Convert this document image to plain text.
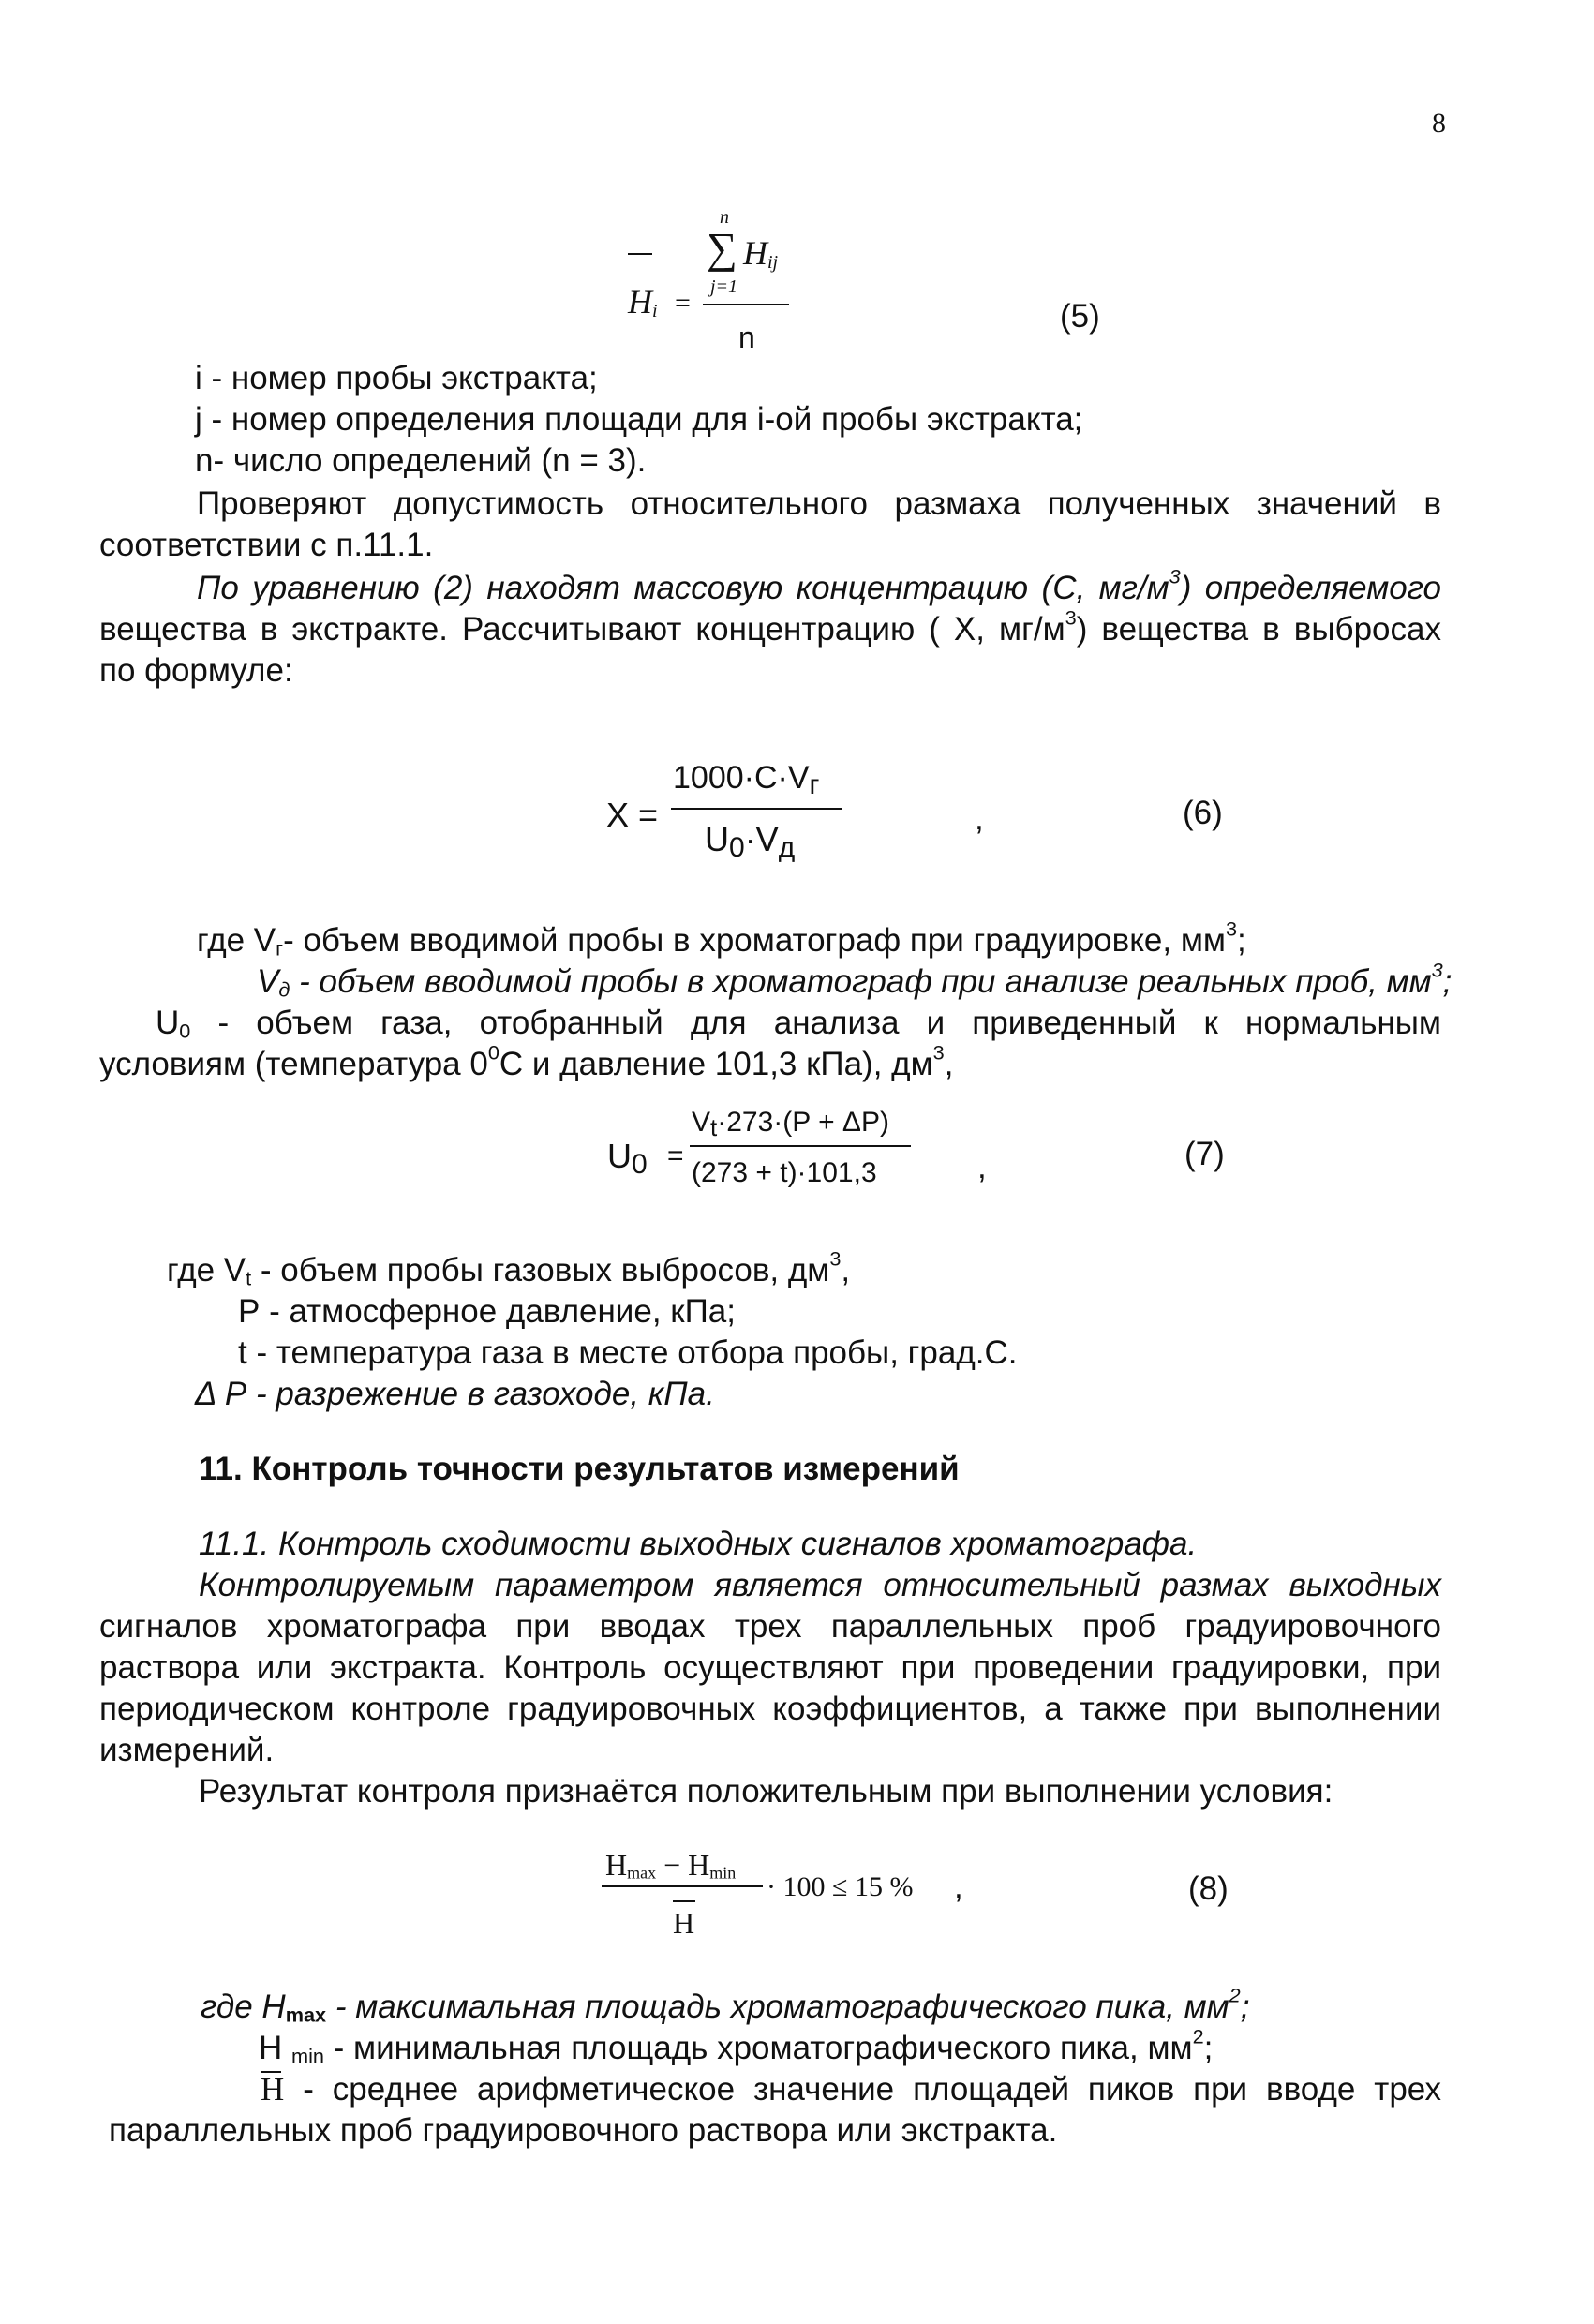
8
n
∑ $H_{ij}$
$H_i$ =
j=1
n
(5)
i - номер пробы экстракта;
j - номер определения площади для i-ой пробы экстракта;
n- число определений (n = 3).
Проверяют допустимость относительного размаха полученных значений в
соответствии с п.11.1.
По уравнению (2) находят массовую концентрацию (С, $мг/м^3$) определяемого
вещества в экстракте. Рассчитывают концентрацию ( Х, $мг/м^3$) вещества в выбросах
по формуле:
X =
$1000\cdot C\cdot V_г$
$U_0\cdot V_д$
,	(6)
где $V_г-$ объем вводимой пробы в хроматограф при градуировке, $мм^3$;
$V_д$ - объем вводимой пробы в хроматограф при анализе реальных проб, $мм^3$;
$U_0$ - объем газа, отобранный для анализа и приведенный к нормальным
условиям (температура $0^0С$ и давление 101,3 кПа), $дм^3$,
$U_0$ =
$V_t\cdot 273\cdot(P + \Delta P)$
(273 + t)·101,3	,	(7)
где $V_t$ - объем пробы газовых выбросов, $дм^3$,
Р - атмосферное давление, кПа;
t - температура газа в месте отбора пробы, град.С.
Δ Р - разрежение в газоходе, кПа.
11. Контроль точности результатов измерений
11.1. Контроль сходимости выходных сигналов хроматографа.
Контролируемым параметром является относительный размах выходных
сигналов хроматографа при вводах трех параллельных проб градуировочного
раствора или экстракта. Контроль осуществляют при проведении градуировки, при
периодическом контроле градуировочных коэффициентов, а также при выполнении
измерений.
Результат контроля признаётся положительным при выполнении условия:
$H_{max} - H_{min} \cdot 100 \le 15$ % ,
H
(8)
где $H_{max}$ - максимальная площадь хроматографического пика, $мм^2$;
H $_{min}$ - минимальная площадь хроматографического пика, $мм^2$;
H - среднее арифметическое значение площадей пиков при вводе трех
параллельных проб градуировочного раствора или экстракта.
